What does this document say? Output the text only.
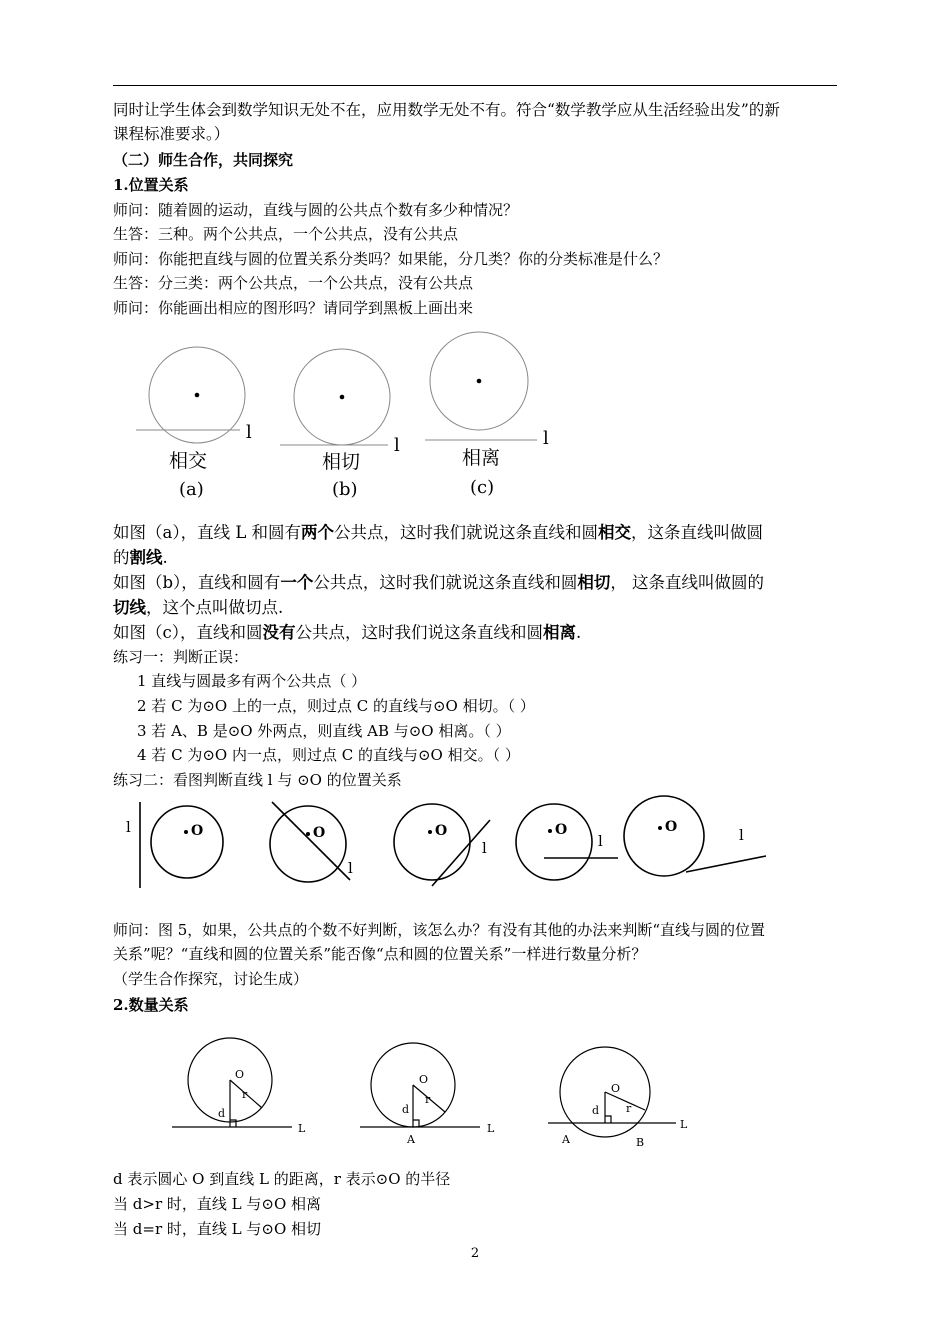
同时让学生体会到数学知识无处不在，应用数学无处不有。符合“数学教学应从生活经验出发”的新
课程标准要求。）
（二）师生合作，共同探究
1.位置关系
师问：随着圆的运动，直线与圆的公共点个数有多少种情况？
生答：三种。两个公共点，一个公共点，没有公共点
师问：你能把直线与圆的位置关系分类吗？如果能，分几类？你的分类标准是什么？
生答：分三类：两个公共点，一个公共点，没有公共点
师问：你能画出相应的图形吗？请同学到黑板上画出来
l
l	l
相交	相切	相离
(a)	(b)	(c)
如图（a），直线 L 和圆有两个公共点，这时我们就说这条直线和圆相交，这条直线叫做圆
的割线.
如图（b），直线和圆有一个公共点，这时我们就说这条直线和圆相切， 这条直线叫做圆的
切线，这个点叫做切点.
如图（c），直线和圆没有公共点，这时我们说这条直线和圆相离.
练习一：判断正误：
1 直线与圆最多有两个公共点（ ）
2 若 C 为⊙O 上的一点，则过点 C 的直线与⊙O 相切。（ ）
3 若 A、B 是⊙O 外两点，则直线 AB 与⊙O 相离。（ ）
4 若 C 为⊙O 内一点，则过点 C 的直线与⊙O 相交。（ ）
练习二：看图判断直线 l 与 ⊙O 的位置关系
O	O	O	O	O
l
l
l	l	l
师问：图 5，如果，公共点的个数不好判断，该怎么办？有没有其他的办法来判断“直线与圆的位置
关系”呢？“直线和圆的位置关系”能否像“点和圆的位置关系”一样进行数量分析？
（学生合作探究，讨论生成）
2.数量关系
O
r
d
L
O
r
d
A
L
O
r
d
A	B
L
d 表示圆心 O 到直线 L 的距离，r 表示⊙O 的半径
当 d>r 时，直线 L 与⊙O 相离
当 d=r 时，直线 L 与⊙O 相切
2
